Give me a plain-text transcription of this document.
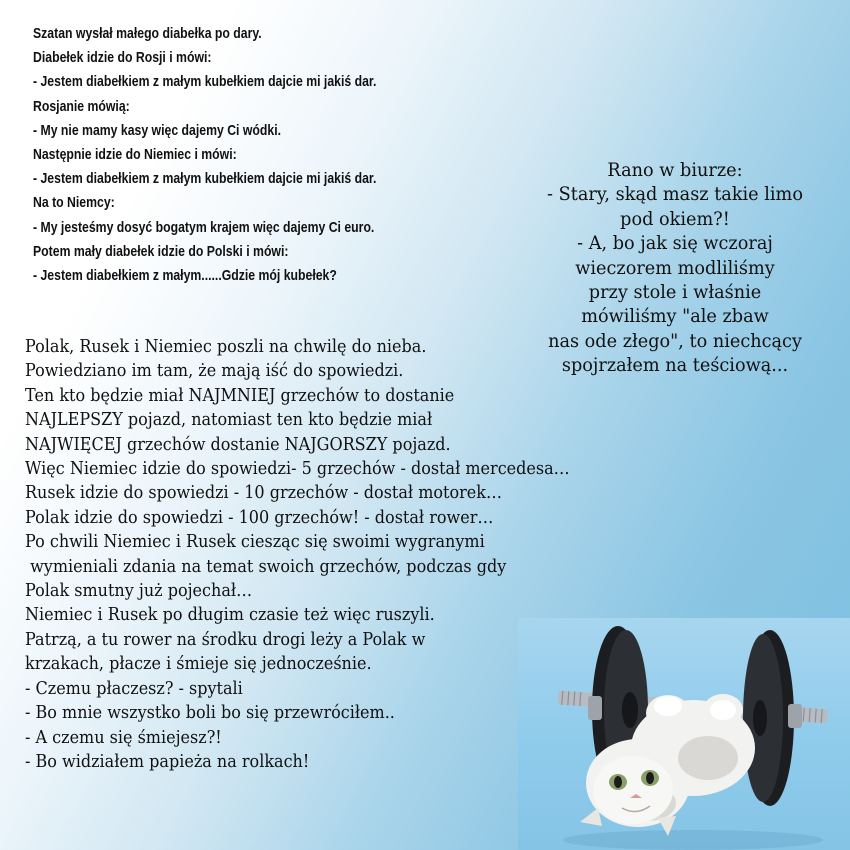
Szatan wysłał małego diabełka po dary.
Diabełek idzie do Rosji i mówi:
- Jestem diabełkiem z małym kubełkiem dajcie mi jakiś dar.
Rosjanie mówią:
- My nie mamy kasy więc dajemy Ci wódki.
Następnie idzie do Niemiec i mówi:
- Jestem diabełkiem z małym kubełkiem dajcie mi jakiś dar.
Na to Niemcy:
- My jesteśmy dosyć bogatym krajem więc dajemy Ci euro.
Potem mały diabełek idzie do Polski i mówi:
- Jestem diabełkiem z małym......Gdzie mój kubełek?
Rano w biurze:
- Stary, skąd masz takie limo
pod okiem?!
- A, bo jak się wczoraj
wieczorem modliliśmy
przy stole i właśnie
mówiliśmy "ale zbaw
nas ode złego", to niechcący
spojrzałem na teściową...
Polak, Rusek i Niemiec poszli na chwilę do nieba.
Powiedziano im tam, że mają iść do spowiedzi.
Ten kto będzie miał NAJMNIEJ grzechów to dostanie
NAJLEPSZY pojazd, natomiast ten kto będzie miał
NAJWIĘCEJ grzechów dostanie NAJGORSZY pojazd.
Więc Niemiec idzie do spowiedzi- 5 grzechów - dostał mercedesa…
Rusek idzie do spowiedzi - 10 grzechów - dostał motorek…
Polak idzie do spowiedzi - 100 grzechów! - dostał rower…
Po chwili Niemiec i Rusek ciesząc się swoimi wygranymi
wymieniali zdania na temat swoich grzechów, podczas gdy
Polak smutny już pojechał…
Niemiec i Rusek po długim czasie też więc ruszyli.
Patrzą, a tu rower na środku drogi leży a Polak w
krzakach, płacze i śmieje się jednocześnie.
- Czemu płaczesz? - spytali
- Bo mnie wszystko boli bo się przewróciłem..
- A czemu się śmiejesz?!
- Bo widziałem papieża na rolkach!
